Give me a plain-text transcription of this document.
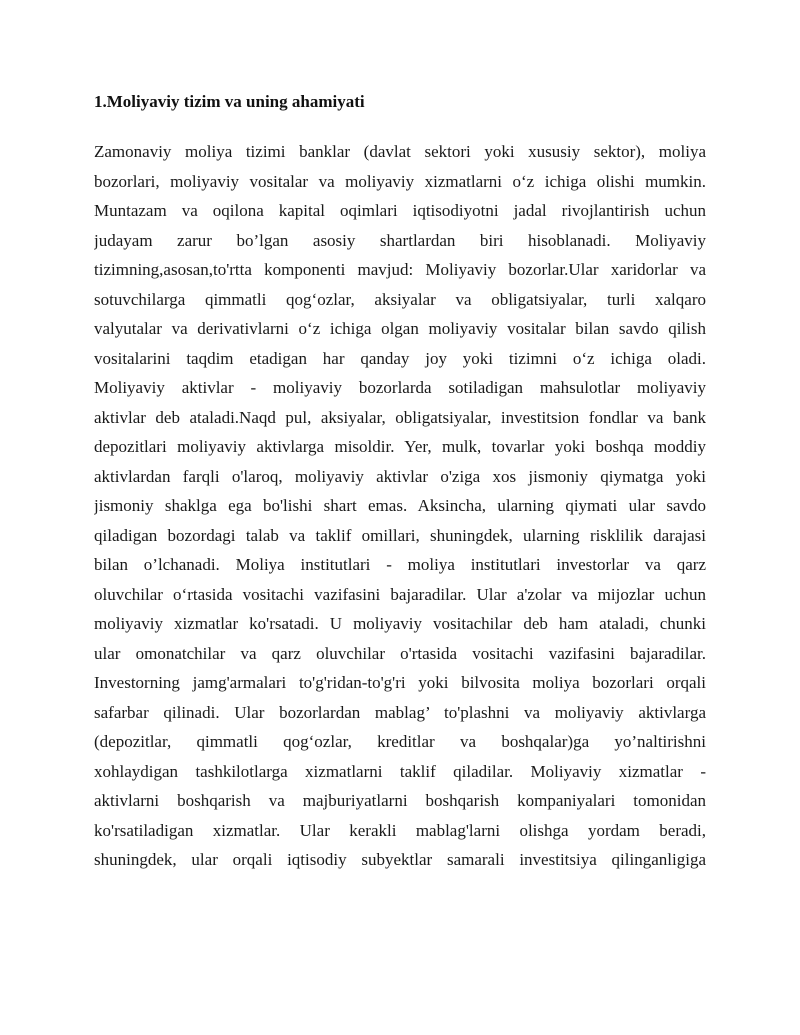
1.Moliyaviy tizim va uning ahamiyati
Zamonaviy moliya tizimi banklar (davlat sektori yoki xususiy sektor), moliya
bozorlari, moliyaviy vositalar va moliyaviy xizmatlarni o‘z ichiga olishi mumkin.
Muntazam va oqilona kapital oqimlari iqtisodiyotni jadal rivojlantirish uchun
judayam zarur bo’lgan asosiy shartlardan biri hisoblanadi. Moliyaviy
tizimning,asosan,to'rtta komponenti mavjud: Moliyaviy bozorlar.Ular xaridorlar va
sotuvchilarga qimmatli qog‘ozlar, aksiyalar va obligatsiyalar, turli xalqaro
valyutalar va derivativlarni o‘z ichiga olgan moliyaviy vositalar bilan savdo qilish
vositalarini taqdim etadigan har qanday joy yoki tizimni o‘z ichiga oladi.
Moliyaviy aktivlar - moliyaviy bozorlarda sotiladigan mahsulotlar moliyaviy
aktivlar deb ataladi.Naqd pul, aksiyalar, obligatsiyalar, investitsion fondlar va bank
depozitlari moliyaviy aktivlarga misoldir. Yer, mulk, tovarlar yoki boshqa moddiy
aktivlardan farqli o'laroq, moliyaviy aktivlar o'ziga xos jismoniy qiymatga yoki
jismoniy shaklga ega bo'lishi shart emas. Aksincha, ularning qiymati ular savdo
qiladigan bozordagi talab va taklif omillari, shuningdek, ularning risklilik darajasi
bilan o’lchanadi. Moliya institutlari - moliya institutlari investorlar va qarz
oluvchilar o‘rtasida vositachi vazifasini bajaradilar. Ular a'zolar va mijozlar uchun
moliyaviy xizmatlar ko'rsatadi. U moliyaviy vositachilar deb ham ataladi, chunki
ular omonatchilar va qarz oluvchilar o'rtasida vositachi vazifasini bajaradilar.
Investorning jamg'armalari to'g'ridan-to'g'ri yoki bilvosita moliya bozorlari orqali
safarbar qilinadi. Ular bozorlardan mablag’ to'plashni va moliyaviy aktivlarga
(depozitlar, qimmatli qog‘ozlar, kreditlar va boshqalar)ga yo’naltirishni
xohlaydigan tashkilotlarga xizmatlarni taklif qiladilar. Moliyaviy xizmatlar -
aktivlarni boshqarish va majburiyatlarni boshqarish kompaniyalari tomonidan
ko'rsatiladigan xizmatlar. Ular kerakli mablag'larni olishga yordam beradi,
shuningdek, ular orqali iqtisodiy subyektlar samarali investitsiya qilinganligiga
